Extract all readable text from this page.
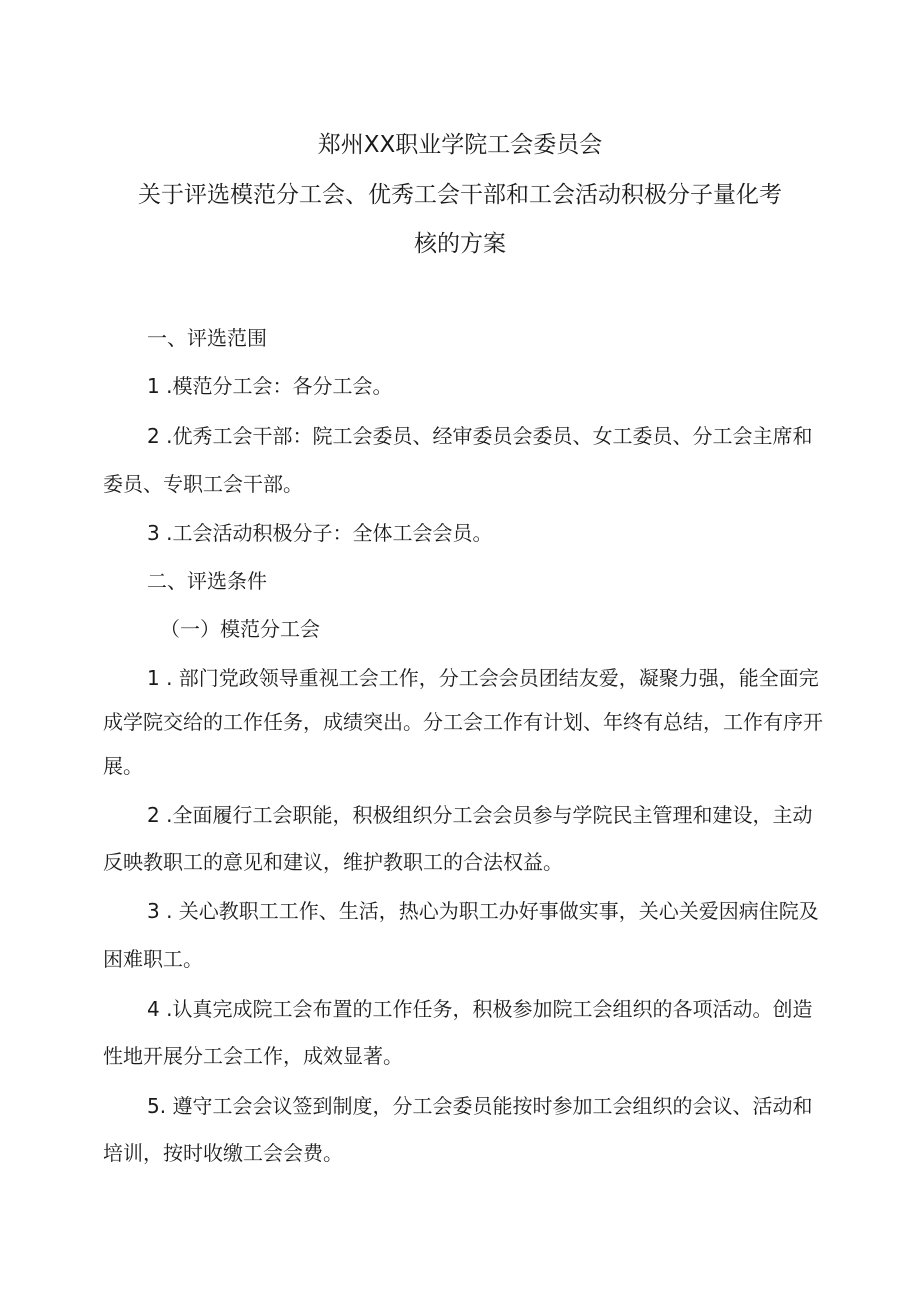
郑州XX职业学院工会委员会
关于评选模范分工会、优秀工会干部和工会活动积极分子量化考
核的方案
一、评选范围
1 .模范分工会：各分工会。
2 .优秀工会干部：院工会委员、经审委员会委员、女工委员、分工会主席和
委员、专职工会干部。
3 .工会活动积极分子：全体工会会员。
二、评选条件
（一）模范分工会
1 . 部门党政领导重视工会工作，分工会会员团结友爱，凝聚力强，能全面完
成学院交给的工作任务，成绩突出。分工会工作有计划、年终有总结，工作有序开
展。
2 .全面履行工会职能，积极组织分工会会员参与学院民主管理和建设，主动
反映教职工的意见和建议，维护教职工的合法权益。
3 . 关心教职工工作、生活，热心为职工办好事做实事，关心关爱因病住院及
困难职工。
4 .认真完成院工会布置的工作任务，积极参加院工会组织的各项活动。创造
性地开展分工会工作，成效显著。
5. 遵守工会会议签到制度，分工会委员能按时参加工会组织的会议、活动和
培训，按时收缴工会会费。
